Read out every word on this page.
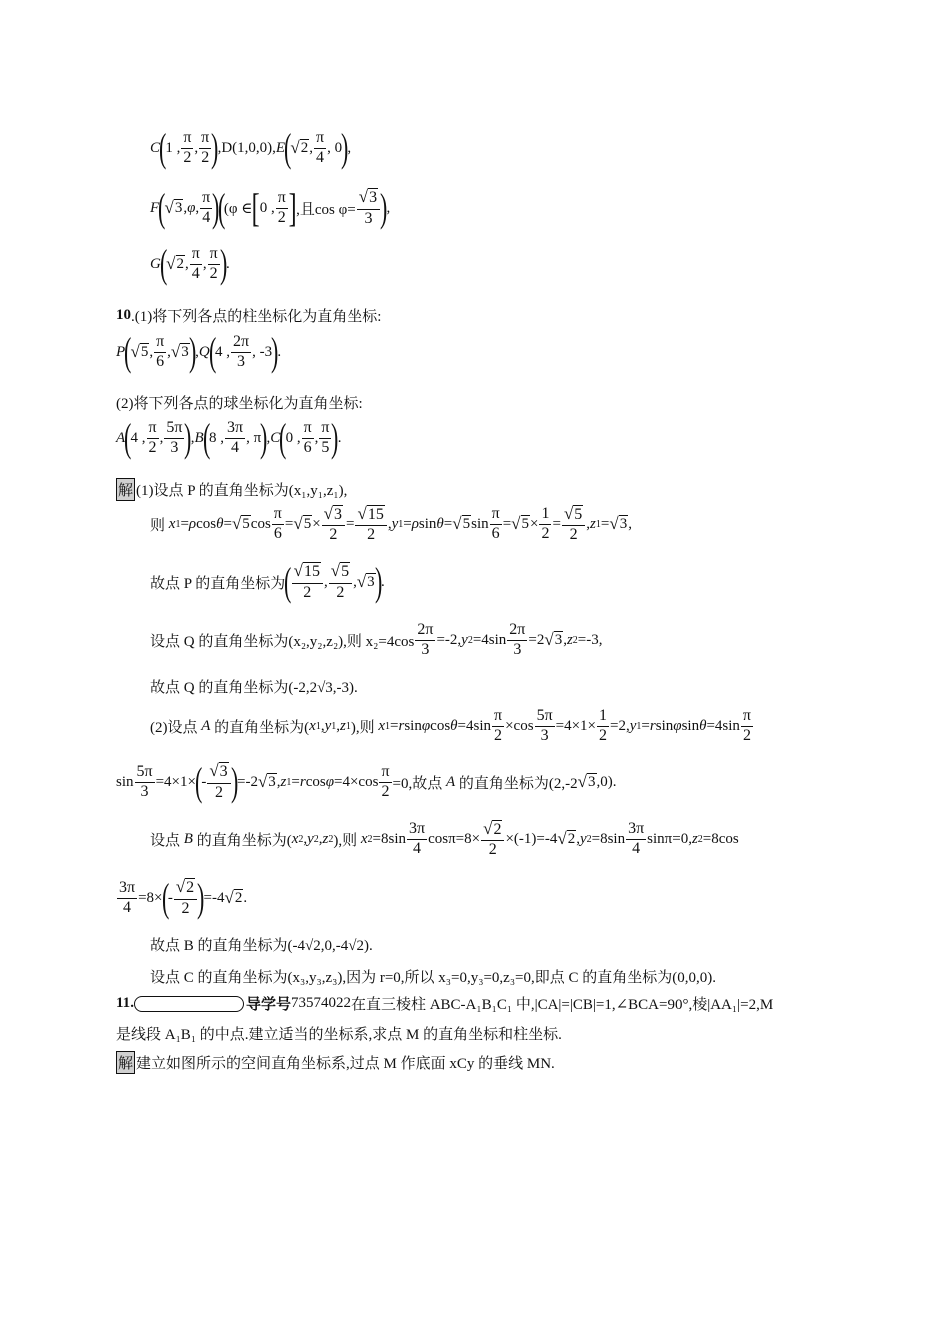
C
(
1 , $\frac{\pi}{2}$ , $\frac{\pi}{2}$ )
,D(1,0,0), E
(
√ 2 , $\frac{\pi}{4}$ , 0
)
,
F
(
√ 3 , φ , $\frac{\pi}{4}$ )
(
(φ ∈ [ 0 , $\frac{\pi}{2}$ ] ,且$\cos \varphi= \frac{√ 3}{3}$ )
,
G
(
√ 2 , $\frac{\pi}{4}$ , $\frac{\pi}{2}$ )
.
10 .(1)将下列各点的柱坐标化为直角坐标:
P
(
√ 5 , $\frac{\pi}{6}$ , √ 3 )
, Q
(
4 , $\frac{2\pi}{3}$ , -3
)
.
(2)将下列各点的球坐标化为直角坐标:
A
(
4 , $\frac{\pi}{2}$ , $\frac{5\pi}{3}$ )
, B
(
8 , $\frac{3\pi}{4}$ , π
)
, C
(
0 , $\frac{\pi}{6}$ , $\frac{\pi}{5}$ )
.
解 (1)设点 P 的直角坐标为(x₁,y₁,z₁),
则 x 1 = ρ cos θ = √ 5 $\cos \frac{\pi}{6}$ = √ $5 \times \frac{√ 3}{2} = \frac{√ 15}{2}$ , y 1 = ρ sin θ = √ 5 $\sin \frac{\pi}{6}$ = √ $5 \times \frac{1}{2} = \frac{√ 5}{2}$ , z 1 = √ 3 ,
故点 P 的直角坐标为
( $\frac{√ 15}{2}$ , $\frac{√ 5}{2}$ , √ 3 )
.
设点 Q 的直角坐标为(x₂,y₂,z₂),则 $x_2=4\cos \frac{2\pi}{3} =-2$, y $2 =4\sin \frac{2\pi}{3} =2$ √ 3 , z 2 =-3,
故点 Q 的直角坐标为(-2,2√3,-3).
(2)设点 A 的直角坐标为( x 1 , y 1 , z 1 ),则 x 1 = r sin φ $\cos \theta =4\sin \frac{\pi}{2} \times\cos \frac{5\pi}{3} =4\times 1\times \frac{1}{2} =2$, y 1 = r sin φ $\sin \theta =4\sin \frac{\pi}{2}$
$\sin \frac{5\pi}{3} =4\times 1\times$
(
- $\frac{√ 3}{2}$ )
=-2 √ 3 , z 1 = r $\cos \varphi =4\times\cos \frac{\pi}{2} =0$,故点 A 的直角坐标为(2,-2 √ 3 ,0).
设点 B 的直角坐标为( x 2 , y 2 , z 2 ),则 x $2 =8\sin \frac{3\pi}{4} \cos\pi=8\times \frac{√ 2}{2} \times(-1)=-4$ √ 2 , y $2 =8\sin \frac{3\pi}{4} \sin\pi=0$, z 2 =8cos
$\frac{3\pi}{4} =8\times$
(
- $\frac{√ 2}{2}$ )
=-4 √ 2 .
故点 B 的直角坐标为(-4√2,0,-4√2).
设点 C 的直角坐标为(x₃,y₃,z₃),因为 r=0,所以 x₃=0,y₃=0,z₃=0,即点 C 的直角坐标为(0,0,0).
11 .	导学号 73574022 在直三棱柱 ABC-A₁B₁C₁ 中,|CA|=|CB|=1,∠BCA=90°,棱|AA₁|=2,M
是线段 A₁B₁ 的中点.建立适当的坐标系,求点 M 的直角坐标和柱坐标.
解 建立如图所示的空间直角坐标系,过点 M 作底面 xCy 的垂线 MN.
